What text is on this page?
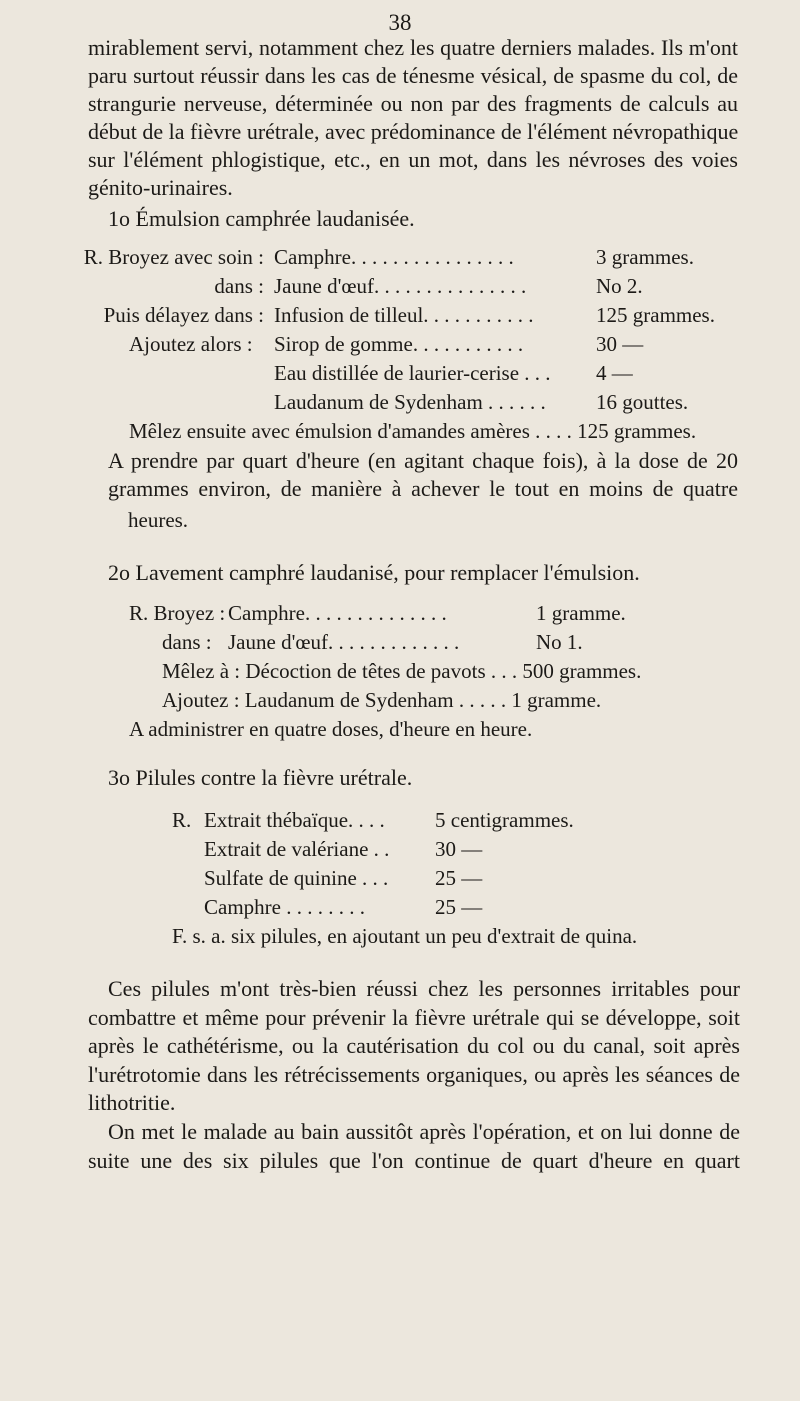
38
mirablement servi, notamment chez les quatre derniers malades. Ils m'ont
paru surtout réussir dans les cas de ténesme vésical, de spasme du col, de
strangurie nerveuse, déterminée ou non par des fragments de calculs au
début de la fièvre urétrale, avec prédominance de l'élément névropathique
sur l'élément phlogistique, etc., en un mot, dans les névroses des voies
génito-urinaires.
1o Émulsion camphrée laudanisée.
R. Broyez avec soin : Camphre. . . . . . . . . . . . . . . .	3 grammes.
dans : Jaune d'œuf. . . . . . . . . . . . . . .	No 2.
Puis délayez dans : Infusion de tilleul. . . . . . . . . . .	125 grammes.
Ajoutez alors : Sirop de gomme. . . . . . . . . . .	30 —
Eau distillée de laurier-cerise . . . 4 —
Laudanum de Sydenham . . . . . . 16 gouttes.
Mêlez ensuite avec émulsion d'amandes amères . . . . 125 grammes.
A prendre par quart d'heure (en agitant chaque fois), à la dose de 20
grammes environ, de manière à achever le tout en moins de quatre
heures.
2o Lavement camphré laudanisé, pour remplacer l'émulsion.
R. Broyez : Camphre. . . . . . . . . . . . . .	1 gramme.
dans : Jaune d'œuf. . . . . . . . . . . . .	No 1.
Mêlez à : Décoction de têtes de pavots . . . 500 grammes.
Ajoutez : Laudanum de Sydenham . . . . . 1 gramme.
A administrer en quatre doses, d'heure en heure.
3o Pilules contre la fièvre urétrale.
R. Extrait thébaïque. . . . 5 centigrammes.
Extrait de valériane . . 30 —
Sulfate de quinine . . . 25 —
Camphre . . . . . . . .	25 —
F. s. a. six pilules, en ajoutant un peu d'extrait de quina.
Ces pilules m'ont très-bien réussi chez les personnes irritables pour
combattre et même pour prévenir la fièvre urétrale qui se développe, soit
après le cathétérisme, ou la cautérisation du col ou du canal, soit après
l'urétrotomie dans les rétrécissements organiques, ou après les séances de
lithotritie.
On met le malade au bain aussitôt après l'opération, et on lui donne de
suite une des six pilules que l'on continue de quart d'heure en quart
